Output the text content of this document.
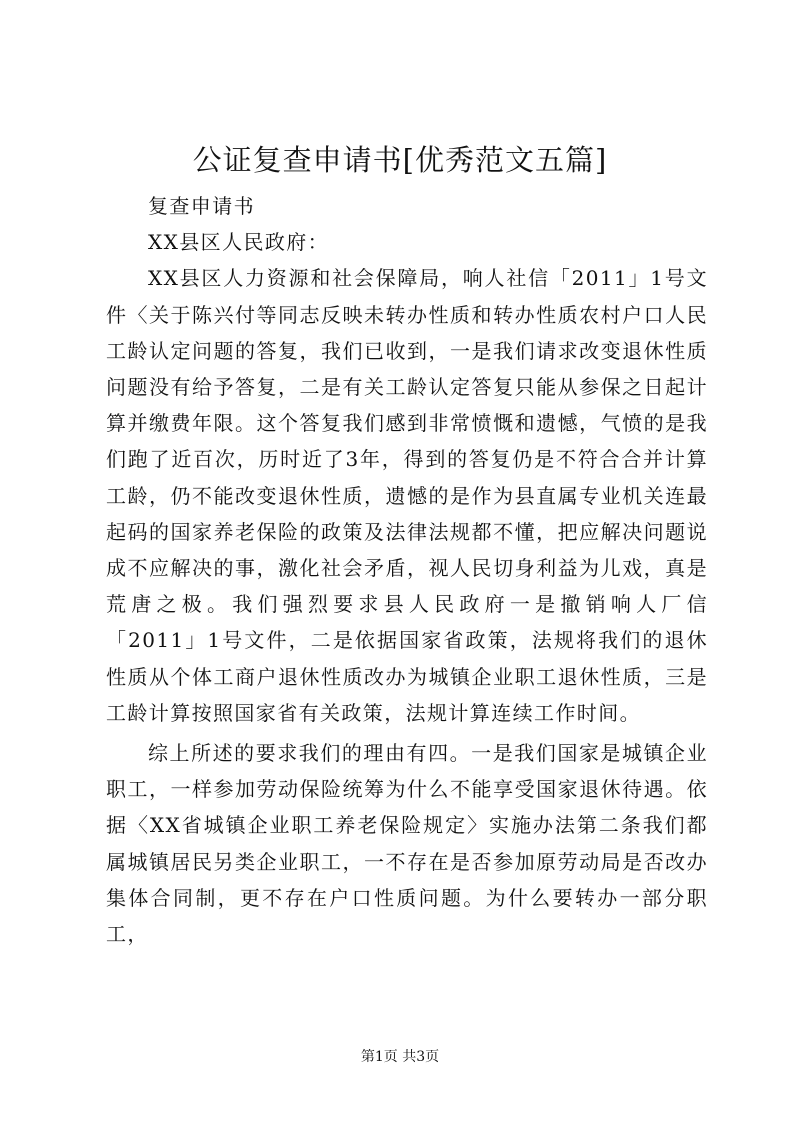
公证复查申请书[优秀范文五篇]

复查申请书

XX县区人民政府：

XX县区人力资源和社会保障局，响人社信「2011」1号文件〈关于陈兴付等同志反映未转办性质和转办性质农村户口人民工龄认定问题的答复，我们已收到，一是我们请求改变退休性质问题没有给予答复，二是有关工龄认定答复只能从参保之日起计算并缴费年限。这个答复我们感到非常愤慨和遗憾，气愤的是我们跑了近百次，历时近了3年，得到的答复仍是不符合合并计算工龄，仍不能改变退休性质，遗憾的是作为县直属专业机关连最起码的国家养老保险的政策及法律法规都不懂，把应解决问题说成不应解决的事，激化社会矛盾，视人民切身利益为儿戏，真是荒唐之极。我们强烈要求县人民政府一是撤销响人厂信「2011」1号文件，二是依据国家省政策，法规将我们的退休性质从个体工商户退休性质改办为城镇企业职工退休性质，三是工龄计算按照国家省有关政策，法规计算连续工作时间。

综上所述的要求我们的理由有四。一是我们国家是城镇企业职工，一样参加劳动保险统筹为什么不能享受国家退休待遇。依据〈XX省城镇企业职工养老保险规定〉实施办法第二条我们都属城镇居民另类企业职工，一不存在是否参加原劳动局是否改办集体合同制，更不存在户口性质问题。为什么要转办一部分职工，

第1页 共3页
